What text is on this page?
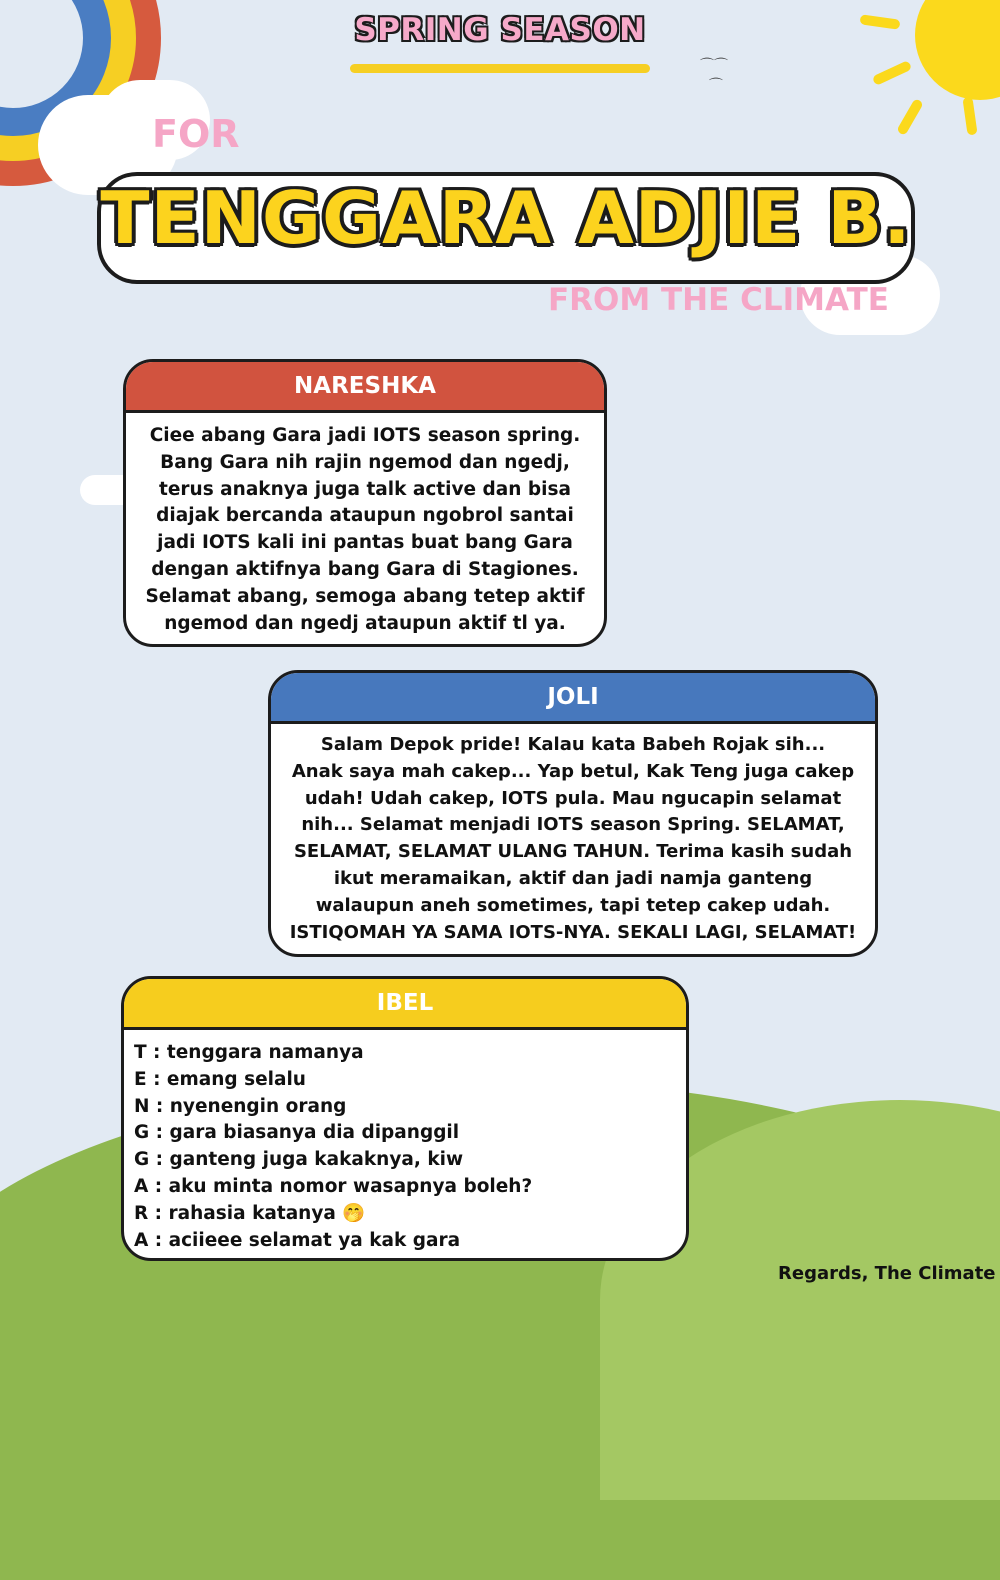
⌒⌒
⌒
SPRING SEASON
FOR
TENGGARA ADJIE B.
FROM THE CLIMATE
NARESHKA

Ciee abang Gara jadi IOTS season spring.

Bang Gara nih rajin ngemod dan ngedj,

terus anaknya juga talk active dan bisa

diajak bercanda ataupun ngobrol santai

jadi IOTS kali ini pantas buat bang Gara

dengan aktifnya bang Gara di Stagiones.

Selamat abang, semoga abang tetep aktif

ngemod dan ngedj ataupun aktif tl ya.

JOLI

Salam Depok pride! Kalau kata Babeh Rojak sih...

Anak saya mah cakep... Yap betul, Kak Teng juga cakep

udah! Udah cakep, IOTS pula. Mau ngucapin selamat

nih... Selamat menjadi IOTS season Spring. SELAMAT,

SELAMAT, SELAMAT ULANG TAHUN. Terima kasih sudah

ikut meramaikan, aktif dan jadi namja ganteng

walaupun aneh sometimes, tapi tetep cakep udah.

ISTIQOMAH YA SAMA IOTS-NYA. SEKALI LAGI, SELAMAT!

IBEL

T : tenggara namanya

E : emang selalu

N : nyenengin orang

G : gara biasanya dia dipanggil

G : ganteng juga kakaknya, kiw

A : aku minta nomor wasapnya boleh?

R : rahasia katanya 🤭

A : aciieee selamat ya kak gara

Regards, The Climate
